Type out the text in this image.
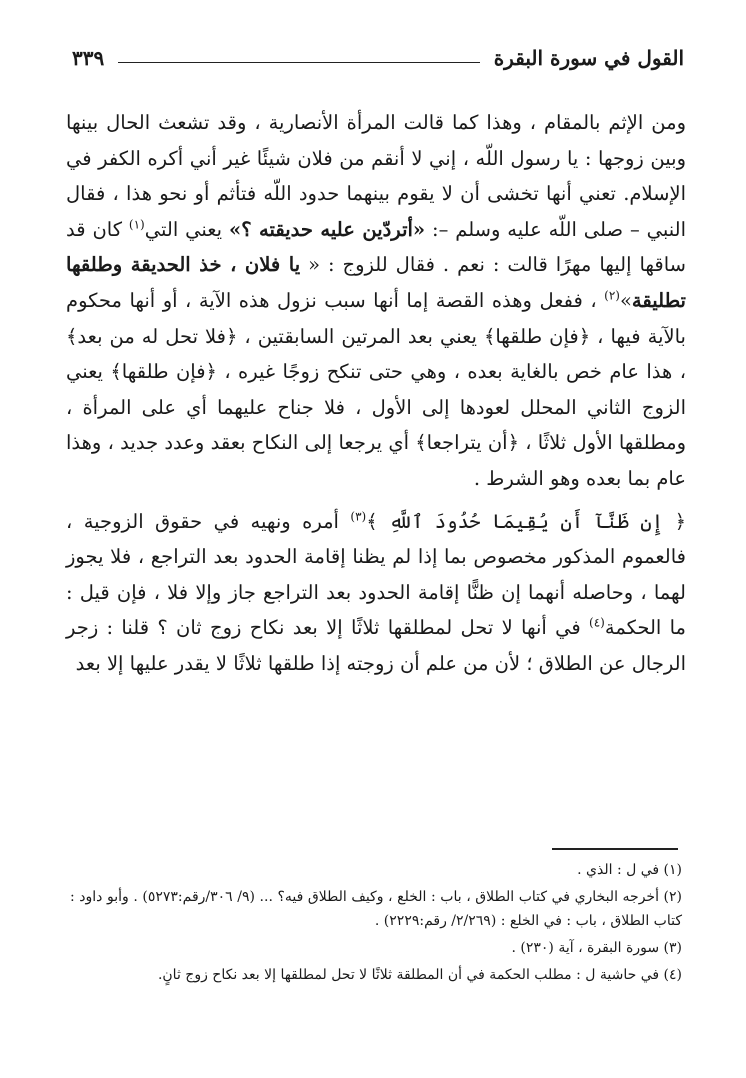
القول في سورة البقرة
٣٣٩

ومن الإثم بالمقام ، وهذا كما قالت المرأة الأنصارية ، وقد تشعث الحال بينها وبين زوجها : يا رسول اللّه ، إني لا أنقم من فلان شيئًا غير أني أكره الكفر في الإسلام. تعني أنها تخشى أن لا يقوم بينهما حدود اللّه فتأثم أو نحو هذا ، فقال النبي – صلى اللّه عليه وسلم –: «أتردّين عليه حديقته ؟» يعني التي$^{(١)}$ كان قد ساقها إليها مهرًا قالت : نعم . فقال للزوج : « يا فلان ، خذ الحديقة وطلقها تطليقة»$^{(٢)}$ ، ففعل وهذه القصة إما أنها سبب نزول هذه الآية ، أو أنها محكوم بالآية فيها ، ﴿فإن طلقها﴾ يعني بعد المرتين السابقتين ، ﴿فلا تحل له من بعد﴾ ، هذا عام خص بالغاية بعده ، وهي حتى تنكح زوجًا غيره ، ﴿فإن طلقها﴾ يعني الزوج الثاني المحلل لعودها إلى الأول ، فلا جناح عليهما أي على المرأة ، ومطلقها الأول ثلاثًا ، ﴿أن يتراجعا﴾ أي يرجعا إلى النكاح بعقد وعدد جديد ، وهذا عام بما بعده وهو الشرط .

﴿ إِن ظَنَّآ أَن يُقِيمَا حُدُودَ ٱللَّهِ ﴾$^{(٣)}$ أمره ونهيه في حقوق الزوجية ، فالعموم المذكور مخصوص بما إذا لم يظنا إقامة الحدود بعد التراجع ، فلا يجوز لهما ، وحاصله أنهما إن ظنًّا إقامة الحدود بعد التراجع جاز وإلا فلا ، فإن قيل : ما الحكمة$^{(٤)}$ في أنها لا تحل لمطلقها ثلاثًا إلا بعد نكاح زوج ثان ؟ قلنا : زجر الرجال عن الطلاق ؛ لأن من علم أن زوجته إذا طلقها ثلاثًا لا يقدر عليها إلا بعد

(١) في ل : الذي .

(٢) أخرجه البخاري في كتاب الطلاق ، باب : الخلع ، وكيف الطلاق فيه؟ ... (٩/ ٣٠٦/رقم:٥٢٧٣) . وأبو داود : كتاب الطلاق ، باب : في الخلع : (٢/٢٦٩/ رقم:٢٢٢٩) .

(٣) سورة البقرة ، آية (٢٣٠) .

(٤) في حاشية ل : مطلب الحكمة في أن المطلقة ثلاثًا لا تحل لمطلقها إلا بعد نكاح زوج ثانٍ.
